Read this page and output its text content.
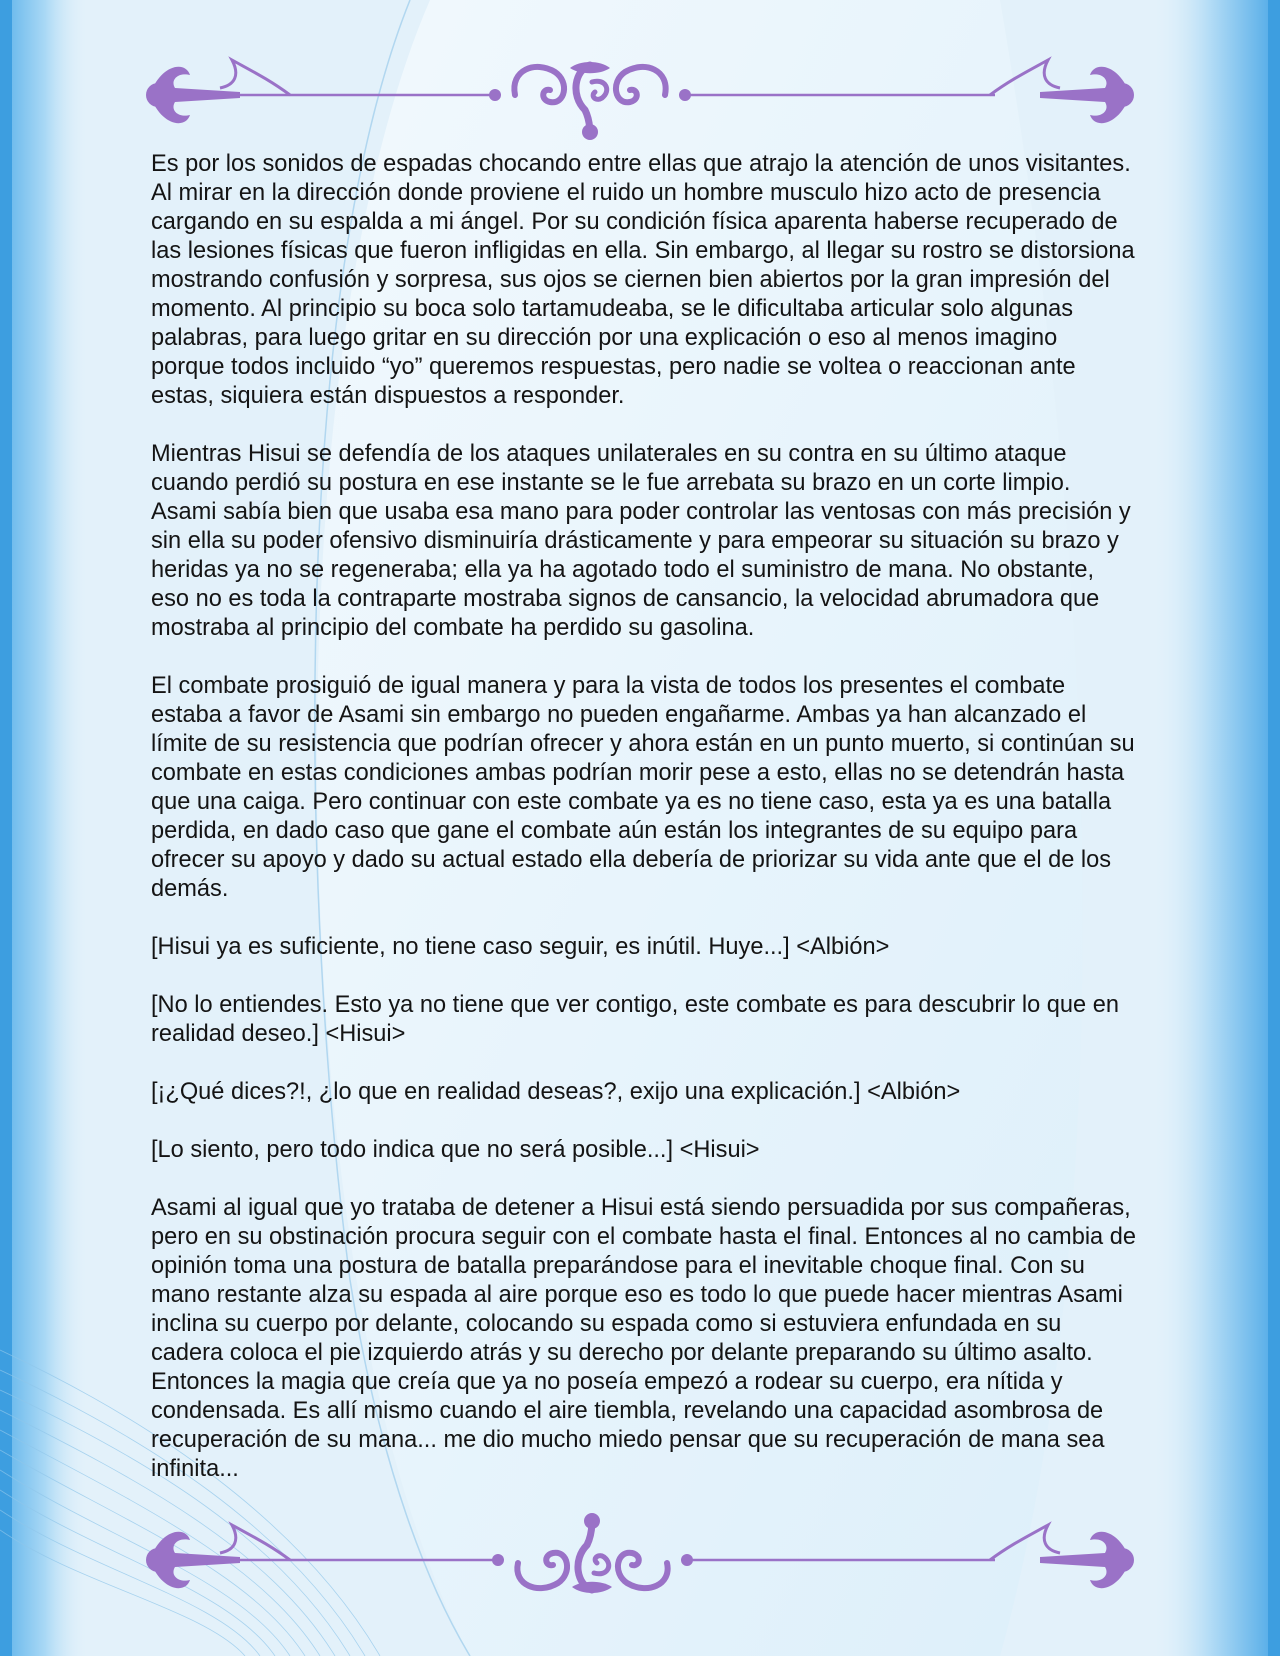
Es por los sonidos de espadas chocando entre ellas que atrajo la atención de unos visitantes. Al mirar en la dirección donde proviene el ruido un hombre musculo hizo acto de presencia cargando en su espalda a mi ángel. Por su condición física aparenta haberse recuperado de las lesiones físicas que fueron infligidas en ella. Sin embargo, al llegar su rostro se distorsiona mostrando confusión y sorpresa, sus ojos se ciernen bien abiertos por la gran impresión del momento. Al principio su boca solo tartamudeaba, se le dificultaba articular solo algunas palabras, para luego gritar en su dirección por una explicación o eso al menos imagino porque todos incluido “yo” queremos respuestas, pero nadie se voltea o reaccionan ante estas, siquiera están dispuestos a responder.

Mientras Hisui se defendía de los ataques unilaterales en su contra en su último ataque cuando perdió su postura en ese instante se le fue arrebata su brazo en un corte limpio. Asami sabía bien que usaba esa mano para poder controlar las ventosas con más precisión y sin ella su poder ofensivo disminuiría drásticamente y para empeorar su situación su brazo y heridas ya no se regeneraba; ella ya ha agotado todo el suministro de mana. No obstante, eso no es toda la contraparte mostraba signos de cansancio, la velocidad abrumadora que mostraba al principio del combate ha perdido su gasolina.

El combate prosiguió de igual manera y para la vista de todos los presentes el combate estaba a favor de Asami sin embargo no pueden engañarme. Ambas ya han alcanzado el límite de su resistencia que podrían ofrecer y ahora están en un punto muerto, si continúan su combate en estas condiciones ambas podrían morir pese a esto, ellas no se detendrán hasta que una caiga. Pero continuar con este combate ya es no tiene caso, esta ya es una batalla perdida, en dado caso que gane el combate aún están los integrantes de su equipo para ofrecer su apoyo y dado su actual estado ella debería de priorizar su vida ante que el de los demás.

[Hisui ya es suficiente, no tiene caso seguir, es inútil. Huye...] <Albión>

[No lo entiendes. Esto ya no tiene que ver contigo, este combate es para descubrir lo que en realidad deseo.] <Hisui>

[¡¿Qué dices?!, ¿lo que en realidad deseas?, exijo una explicación.] <Albión>

[Lo siento, pero todo indica que no será posible...] <Hisui>

Asami al igual que yo trataba de detener a Hisui está siendo persuadida por sus compañeras, pero en su obstinación procura seguir con el combate hasta el final. Entonces al no cambia de opinión toma una postura de batalla preparándose para el inevitable choque final. Con su mano restante alza su espada al aire porque eso es todo lo que puede hacer mientras Asami inclina su cuerpo por delante, colocando su espada como si estuviera enfundada en su cadera coloca el pie izquierdo atrás y su derecho por delante preparando su último asalto. Entonces la magia que creía que ya no poseía empezó a rodear su cuerpo, era nítida y condensada. Es allí mismo cuando el aire tiembla, revelando una capacidad asombrosa de recuperación de su mana... me dio mucho miedo pensar que su recuperación de mana sea infinita...
